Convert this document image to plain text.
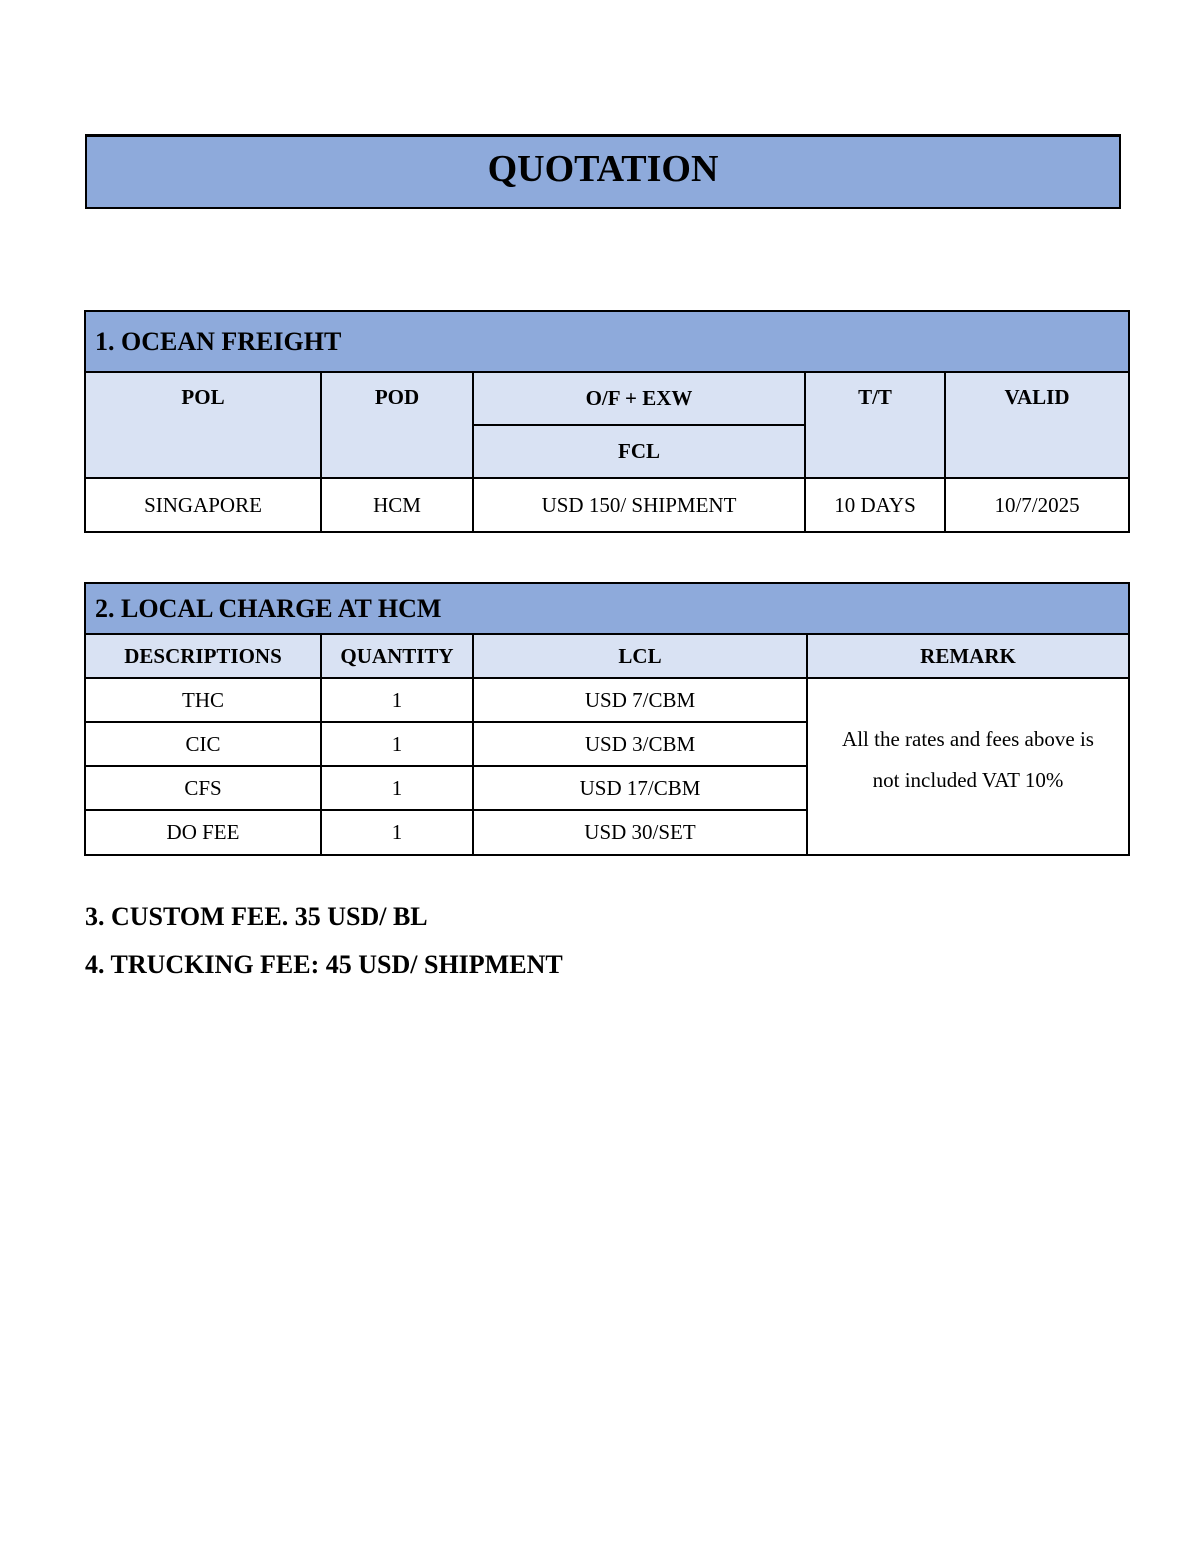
QUOTATION
1. OCEAN FREIGHT				
POL	POD	O/F + EXW	T/T	VALID
		FCL		
SINGAPORE	HCM	USD 150/ SHIPMENT	10 DAYS	10/7/2025
2. LOCAL CHARGE AT HCM			
DESCRIPTIONS	QUANTITY	LCL	REMARK
THC	1	USD 7/CBM	All the rates and fees above is
not included VAT 10%
CIC	1	USD 3/CBM	
CFS	1	USD 17/CBM	
DO FEE	1	USD 30/SET	
3. CUSTOM FEE. 35 USD/ BL
4. TRUCKING FEE: 45 USD/ SHIPMENT
